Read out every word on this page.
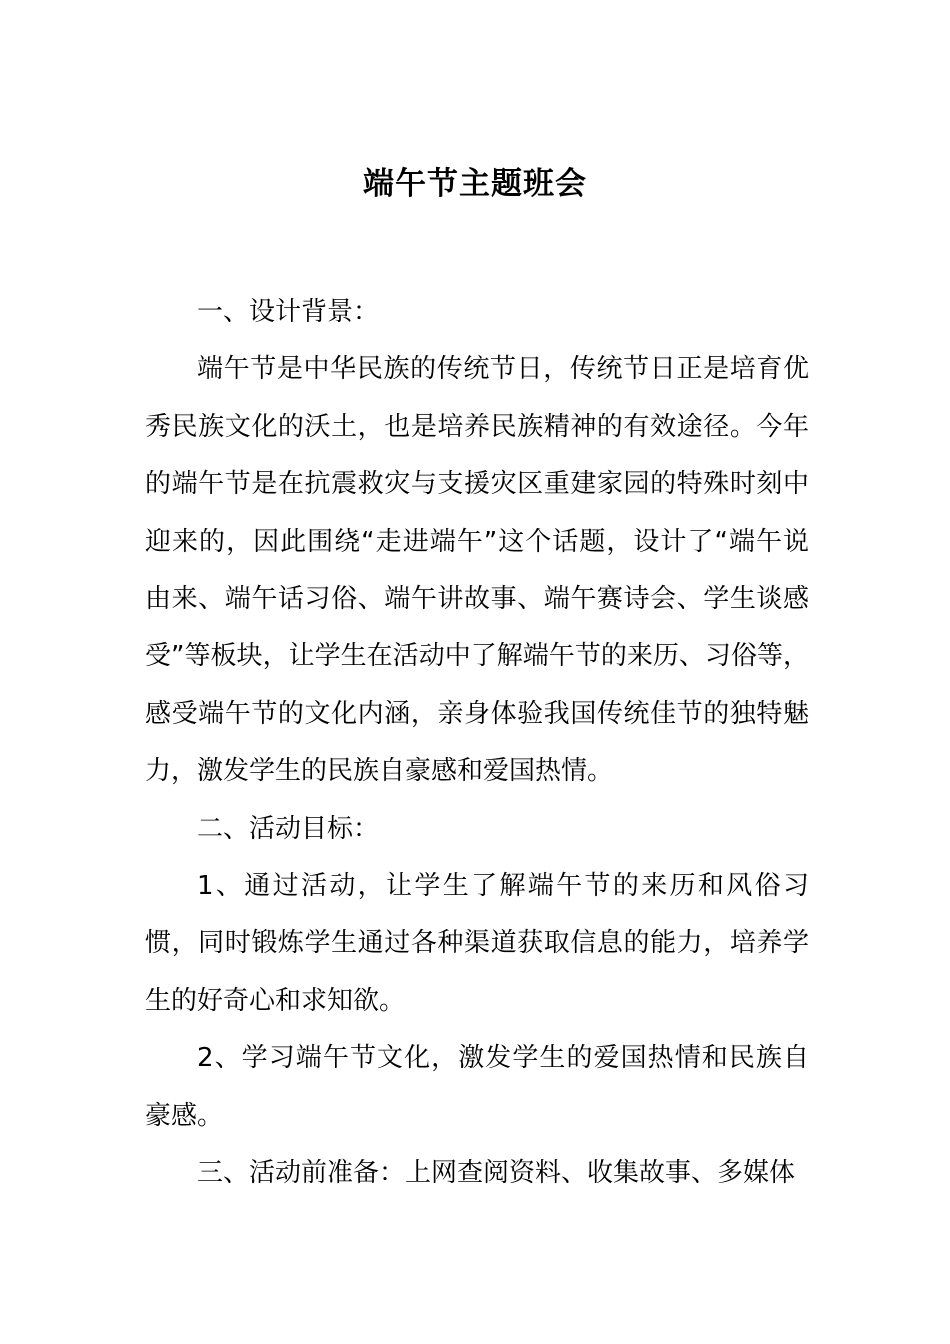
端午节主题班会

一、设计背景：

端午节是中华民族的传统节日，传统节日正是培育优秀民族文化的沃土，也是培养民族精神的有效途径。今年的端午节是在抗震救灾与支援灾区重建家园的特殊时刻中迎来的，因此围绕“走进端午”这个话题，设计了“端午说由来、端午话习俗、端午讲故事、端午赛诗会、学生谈感受”等板块，让学生在活动中了解端午节的来历、习俗等，感受端午节的文化内涵，亲身体验我国传统佳节的独特魅力，激发学生的民族自豪感和爱国热情。

二、活动目标：

1、通过活动，让学生了解端午节的来历和风俗习惯，同时锻炼学生通过各种渠道获取信息的能力，培养学生的好奇心和求知欲。

2、学习端午节文化，激发学生的爱国热情和民族自豪感。

三、活动前准备：上网查阅资料、收集故事、多媒体
